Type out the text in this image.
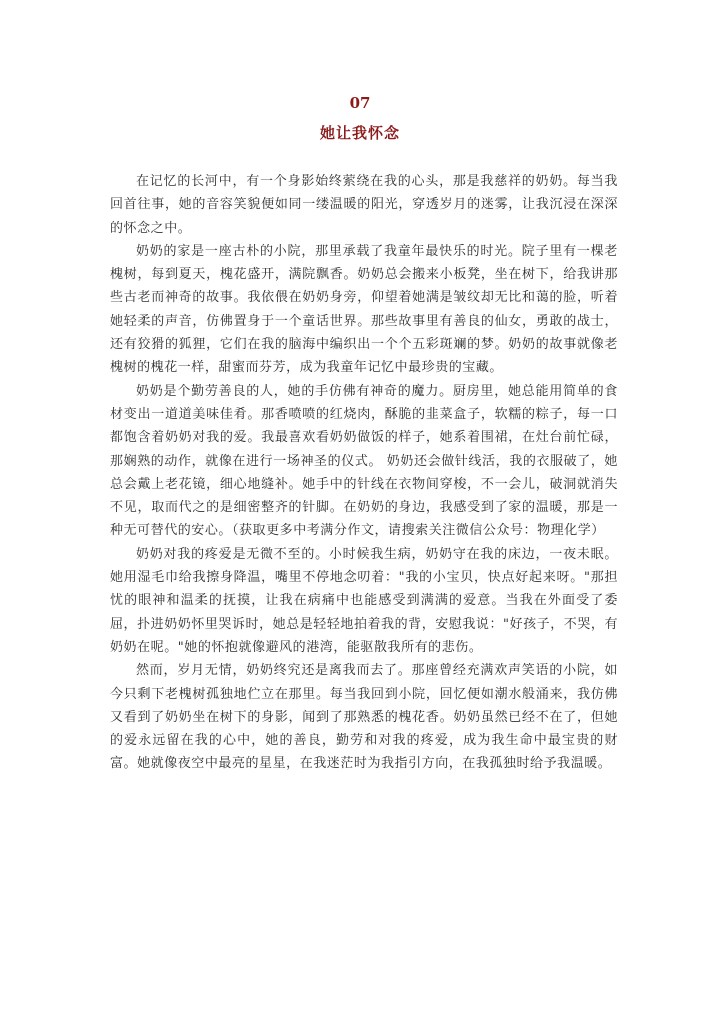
07
她让我怀念

在记忆的长河中，有一个身影始终萦绕在我的心头，那是我慈祥的奶奶。每当我回首往事，她的音容笑貌便如同一缕温暖的阳光，穿透岁月的迷雾，让我沉浸在深深的怀念之中。

奶奶的家是一座古朴的小院，那里承载了我童年最快乐的时光。院子里有一棵老槐树，每到夏天，槐花盛开，满院飘香。奶奶总会搬来小板凳，坐在树下，给我讲那些古老而神奇的故事。我依偎在奶奶身旁，仰望着她满是皱纹却无比和蔼的脸，听着她轻柔的声音，仿佛置身于一个童话世界。那些故事里有善良的仙女，勇敢的战士，还有狡猾的狐狸，它们在我的脑海中编织出一个个五彩斑斓的梦。奶奶的故事就像老槐树的槐花一样，甜蜜而芬芳，成为我童年记忆中最珍贵的宝藏。

奶奶是个勤劳善良的人，她的手仿佛有神奇的魔力。厨房里，她总能用简单的食材变出一道道美味佳肴。那香喷喷的红烧肉，酥脆的韭菜盒子，软糯的粽子，每一口都饱含着奶奶对我的爱。我最喜欢看奶奶做饭的样子，她系着围裙，在灶台前忙碌，那娴熟的动作，就像在进行一场神圣的仪式。 奶奶还会做针线活，我的衣服破了，她总会戴上老花镜，细心地缝补。她手中的针线在衣物间穿梭，不一会儿，破洞就消失不见，取而代之的是细密整齐的针脚。在奶奶的身边，我感受到了家的温暖，那是一种无可替代的安心。（获取更多中考满分作文，请搜索关注微信公众号：物理化学）

奶奶对我的疼爱是无微不至的。小时候我生病，奶奶守在我的床边，一夜未眠。她用湿毛巾给我擦身降温，嘴里不停地念叨着："我的小宝贝，快点好起来呀。"那担忧的眼神和温柔的抚摸，让我在病痛中也能感受到满满的爱意。当我在外面受了委屈，扑进奶奶怀里哭诉时，她总是轻轻地拍着我的背，安慰我说："好孩子，不哭，有奶奶在呢。"她的怀抱就像避风的港湾，能驱散我所有的悲伤。

然而，岁月无情，奶奶终究还是离我而去了。那座曾经充满欢声笑语的小院，如今只剩下老槐树孤独地伫立在那里。每当我回到小院，回忆便如潮水般涌来，我仿佛又看到了奶奶坐在树下的身影，闻到了那熟悉的槐花香。奶奶虽然已经不在了，但她的爱永远留在我的心中，她的善良，勤劳和对我的疼爱，成为我生命中最宝贵的财富。她就像夜空中最亮的星星，在我迷茫时为我指引方向，在我孤独时给予我温暖。
